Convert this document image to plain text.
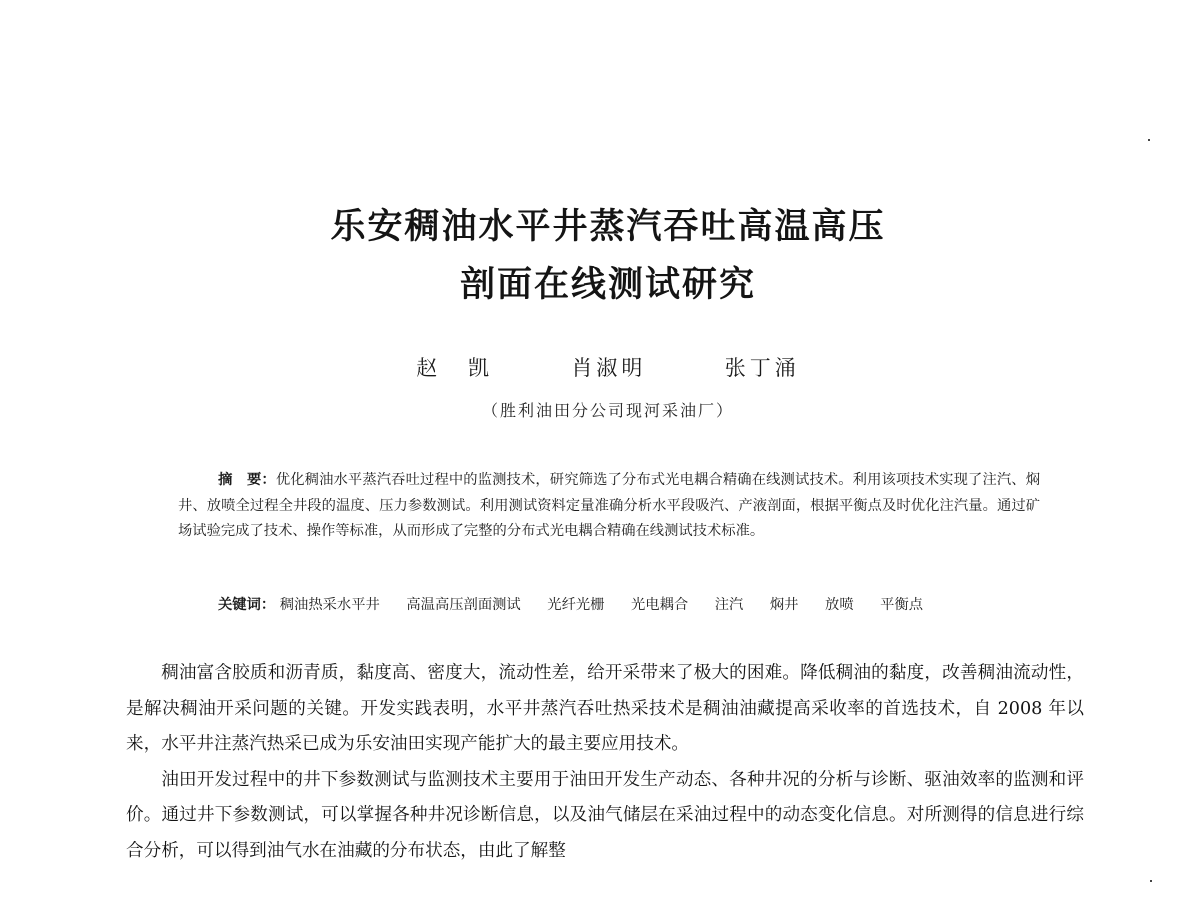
乐安稠油水平井蒸汽吞吐高温高压
剖面在线测试研究
赵 凯 　	肖淑明 　	张丁涌
（胜利油田分公司现河采油厂）
摘　要：优化稠油水平蒸汽吞吐过程中的监测技术，研究筛选了分布式光电耦合精确在线测试技术。利用该项技术实现了注汽、焖井、放喷全过程全井段的温度、压力参数测试。利用测试资料定量准确分析水平段吸汽、产液剖面，根据平衡点及时优化注汽量。通过矿场试验完成了技术、操作等标准，从而形成了完整的分布式光电耦合精确在线测试技术标准。
关键词： 稠油热采水平井 高温高压剖面测试 光纤光栅 光电耦合 注汽 焖井 放喷 平衡点

稠油富含胶质和沥青质，黏度高、密度大，流动性差，给开采带来了极大的困难。降低稠油的黏度，改善稠油流动性，是解决稠油开采问题的关键。开发实践表明，水平井蒸汽吞吐热采技术是稠油油藏提高采收率的首选技术，自 2008 年以来，水平井注蒸汽热采已成为乐安油田实现产能扩大的最主要应用技术。

油田开发过程中的井下参数测试与监测技术主要用于油田开发生产动态、各种井况的分析与诊断、驱油效率的监测和评价。通过井下参数测试，可以掌握各种井况诊断信息，以及油气储层在采油过程中的动态变化信息。对所测得的信息进行综合分析，可以得到油气水在油藏的分布状态，由此了解整
